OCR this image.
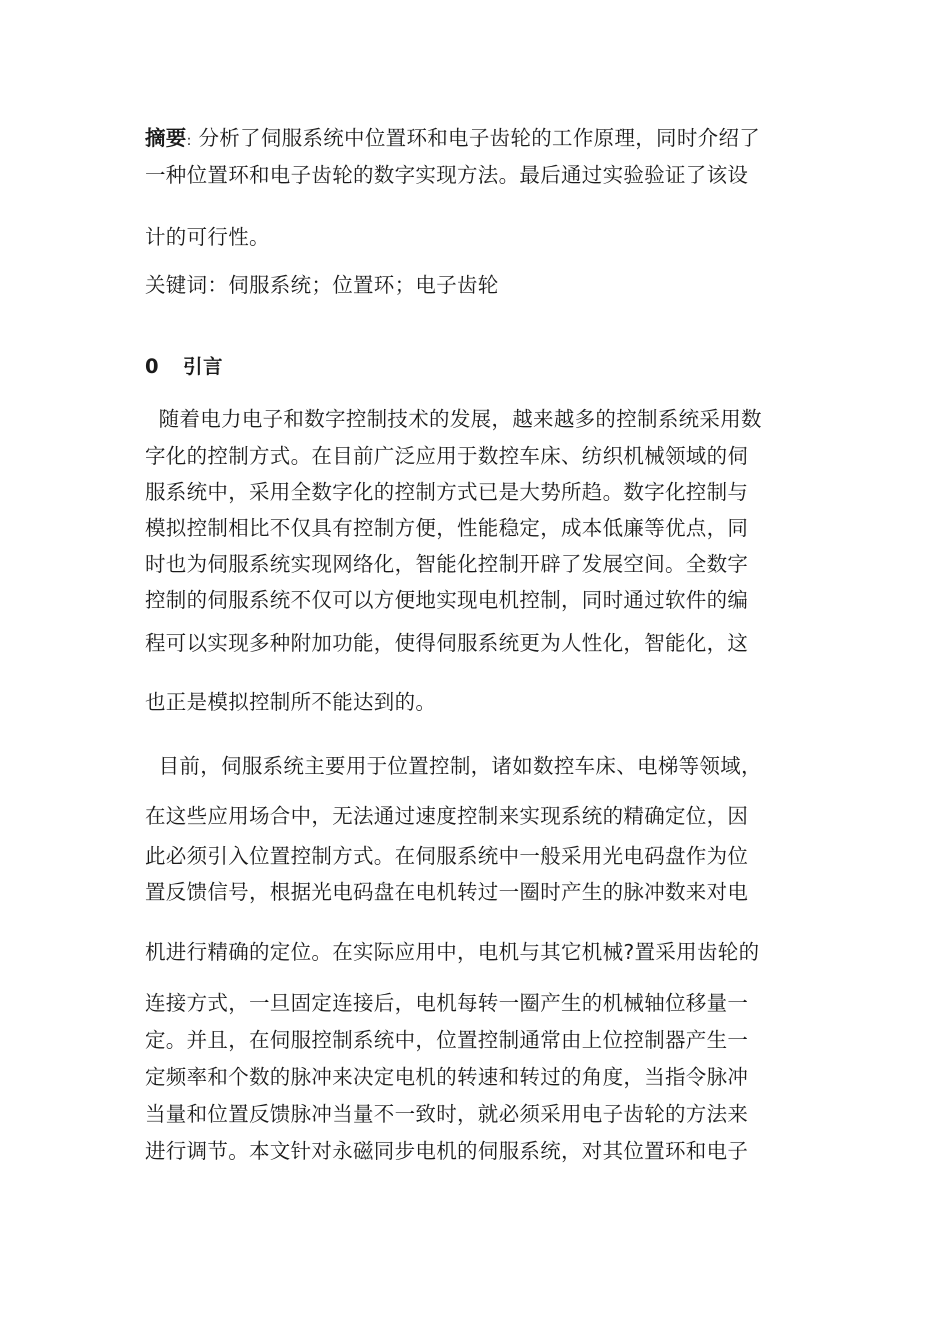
摘要: 分析了伺服系统中位置环和电子齿轮的工作原理，同时介绍了
一种位置环和电子齿轮的数字实现方法。最后通过实验验证了该设
计的可行性。
关键词：伺服系统；位置环；电子齿轮
0 引言
随着电力电子和数字控制技术的发展，越来越多的控制系统采用数
字化的控制方式。在目前广泛应用于数控车床、纺织机械领域的伺
服系统中，采用全数字化的控制方式已是大势所趋。数字化控制与
模拟控制相比不仅具有控制方便，性能稳定，成本低廉等优点，同
时也为伺服系统实现网络化，智能化控制开辟了发展空间。全数字
控制的伺服系统不仅可以方便地实现电机控制，同时通过软件的编
程可以实现多种附加功能，使得伺服系统更为人性化，智能化，这
也正是模拟控制所不能达到的。
目前，伺服系统主要用于位置控制，诸如数控车床、电梯等领域，
在这些应用场合中，无法通过速度控制来实现系统的精确定位，因
此必须引入位置控制方式。在伺服系统中一般采用光电码盘作为位
置反馈信号，根据光电码盘在电机转过一圈时产生的脉冲数来对电
机进行精确的定位。在实际应用中，电机与其它机械?置采用齿轮的
连接方式，一旦固定连接后，电机每转一圈产生的机械轴位移量一
定。并且，在伺服控制系统中，位置控制通常由上位控制器产生一
定频率和个数的脉冲来决定电机的转速和转过的角度，当指令脉冲
当量和位置反馈脉冲当量不一致时，就必须采用电子齿轮的方法来
进行调节。本文针对永磁同步电机的伺服系统，对其位置环和电子
